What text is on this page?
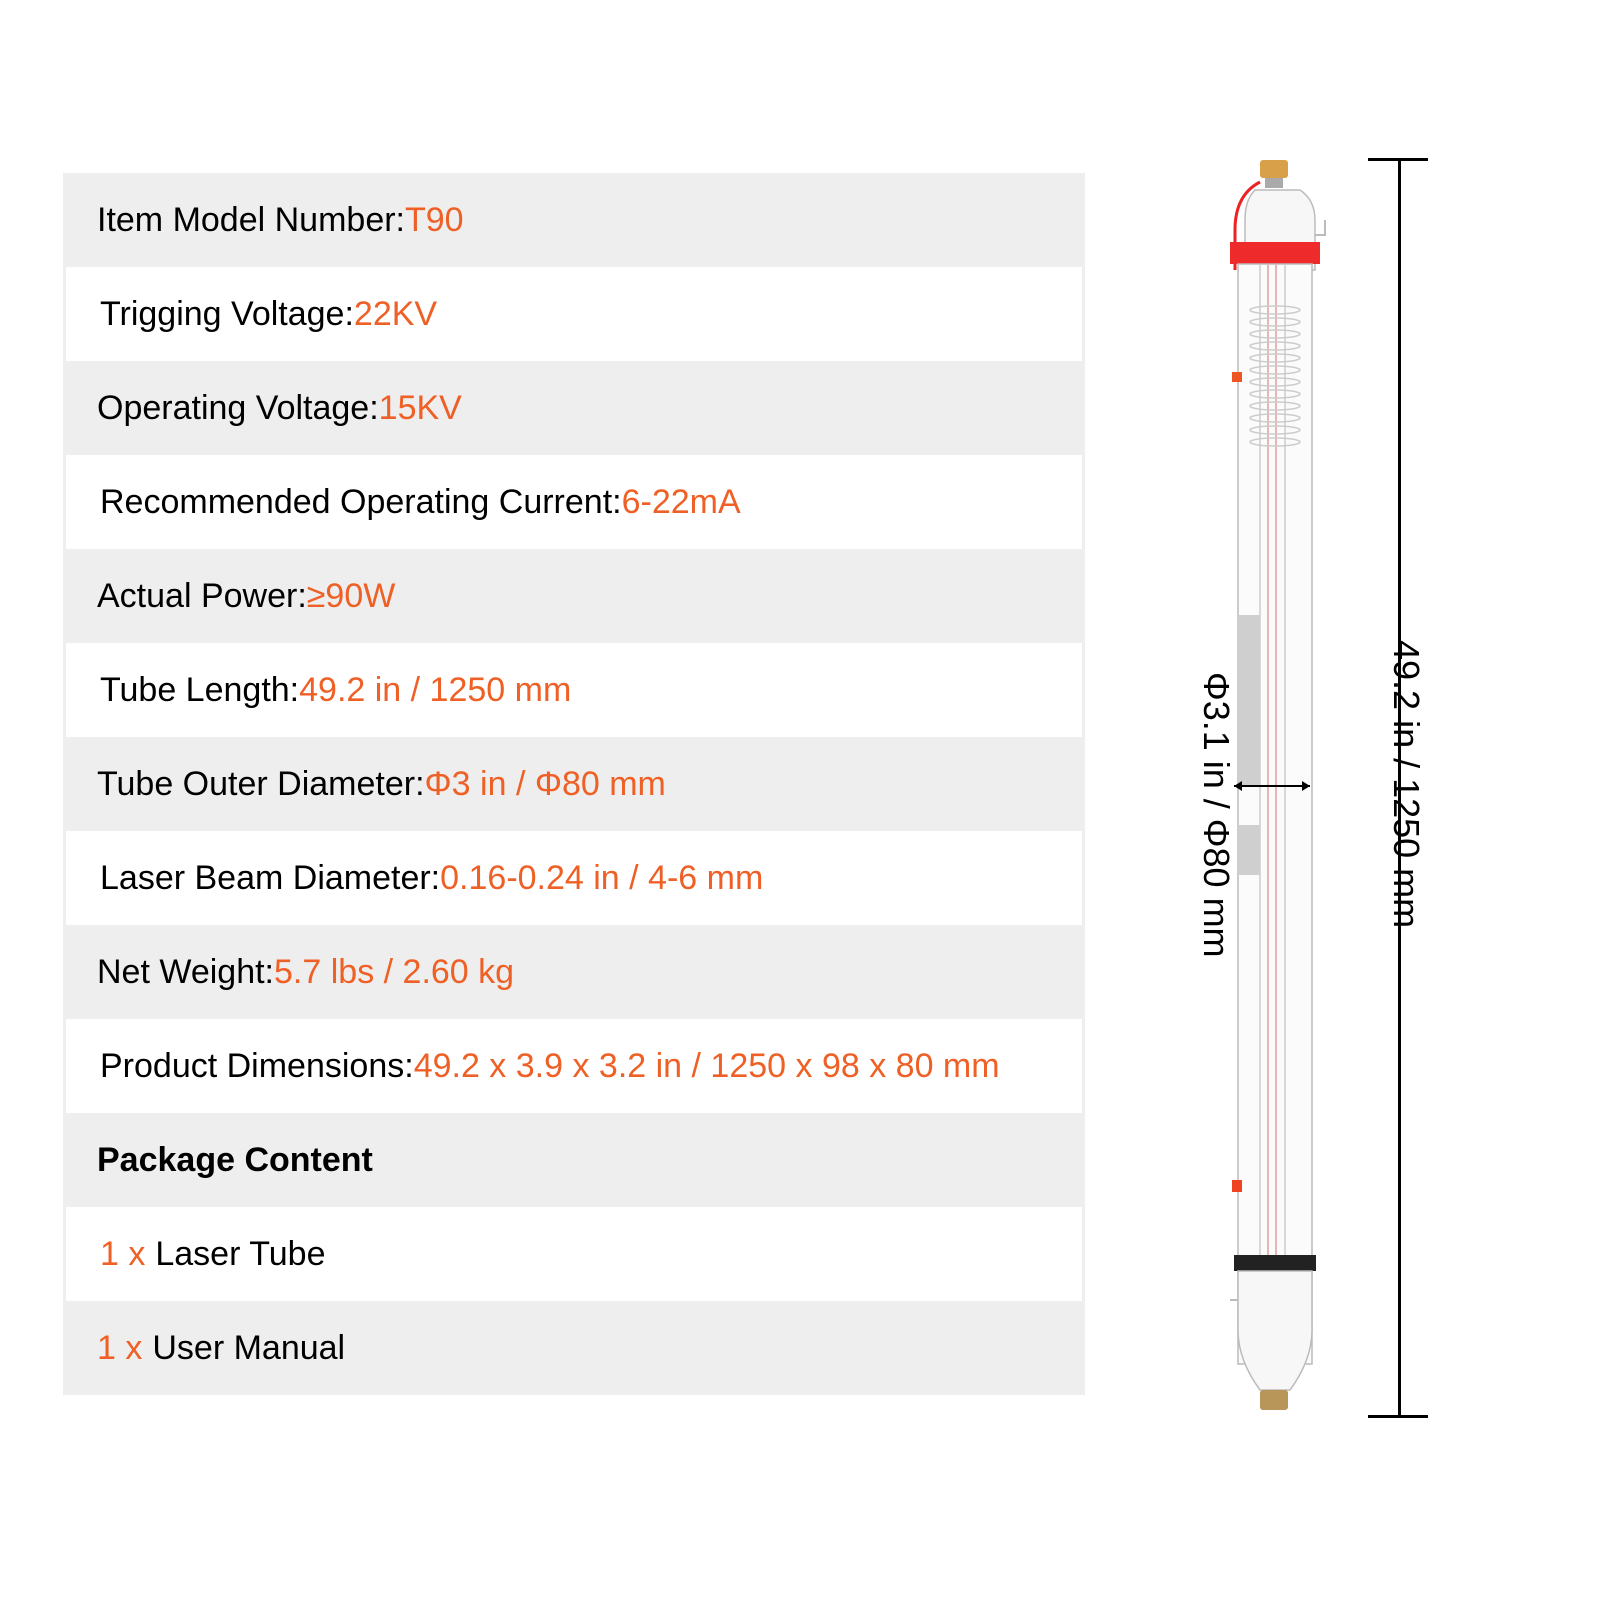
Item Model Number: T90
Trigging Voltage: 22KV
Operating Voltage: 15KV
Recommended Operating Current: 6-22mA
Actual Power: ≥90W
Tube Length: 49.2 in / 1250 mm
Tube Outer Diameter: Φ3 in / Φ80 mm
Laser Beam Diameter: 0.16-0.24 in / 4-6 mm
Net Weight: 5.7 lbs / 2.60 kg
Product Dimensions: 49.2 x 3.9 x 3.2 in / 1250 x 98 x 80 mm
Package Content
1 x Laser Tube
1 x User Manual
49.2 in / 1250 mm
Φ3.1 in / Φ80 mm
